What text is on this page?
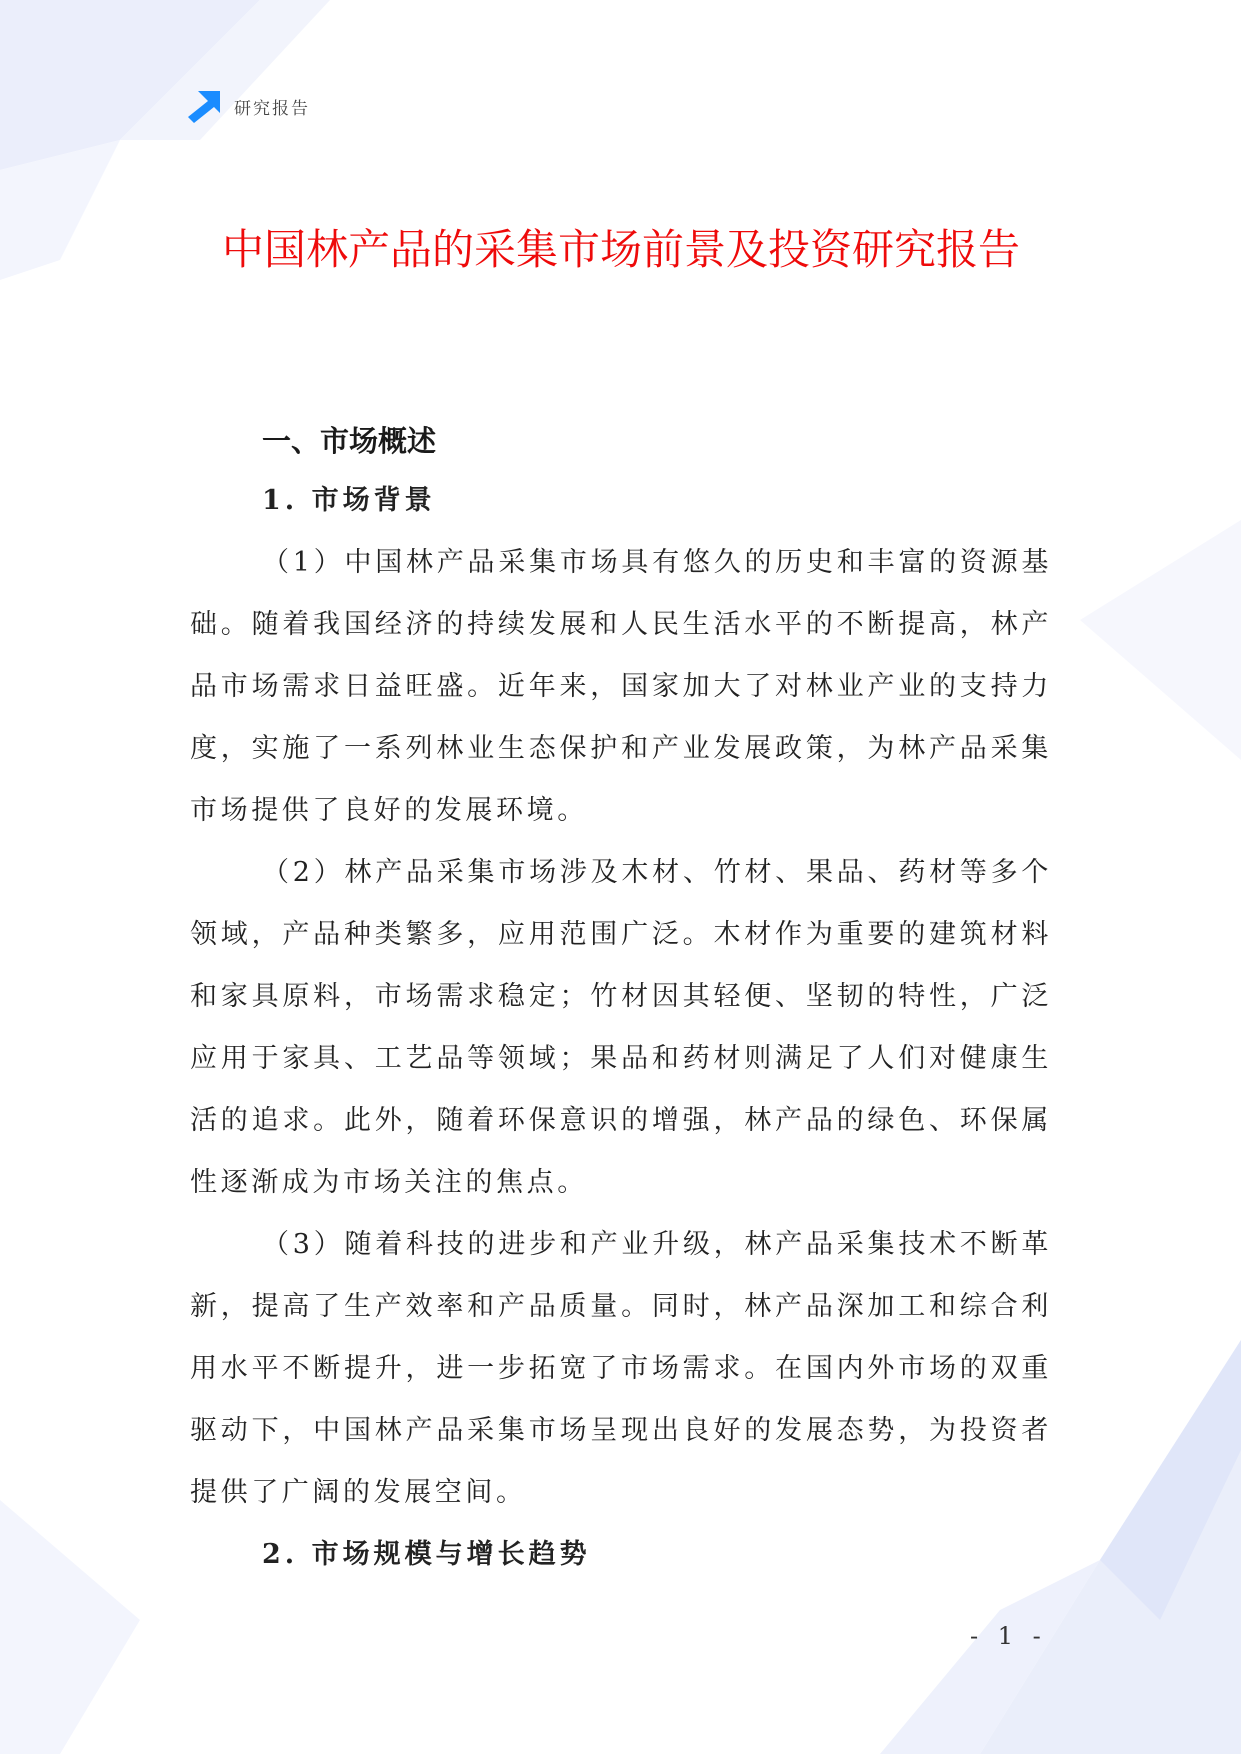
研究报告
中国林产品的采集市场前景及投资研究报告
一、市场概述
1. 市场背景

（1）中国林产品采集市场具有悠久的历史和丰富的资源基础。随着我国经济的持续发展和人民生活水平的不断提高，林产品市场需求日益旺盛。近年来，国家加大了对林业产业的支持力度，实施了一系列林业生态保护和产业发展政策，为林产品采集市场提供了良好的发展环境。

（2）林产品采集市场涉及木材、竹材、果品、药材等多个领域，产品种类繁多，应用范围广泛。木材作为重要的建筑材料和家具原料，市场需求稳定；竹材因其轻便、坚韧的特性，广泛应用于家具、工艺品等领域；果品和药材则满足了人们对健康生活的追求。此外，随着环保意识的增强，林产品的绿色、环保属性逐渐成为市场关注的焦点。

（3）随着科技的进步和产业升级，林产品采集技术不断革新，提高了生产效率和产品质量。同时，林产品深加工和综合利用水平不断提升，进一步拓宽了市场需求。在国内外市场的双重驱动下，中国林产品采集市场呈现出良好的发展态势，为投资者提供了广阔的发展空间。

2. 市场规模与增长趋势
- 1 -
